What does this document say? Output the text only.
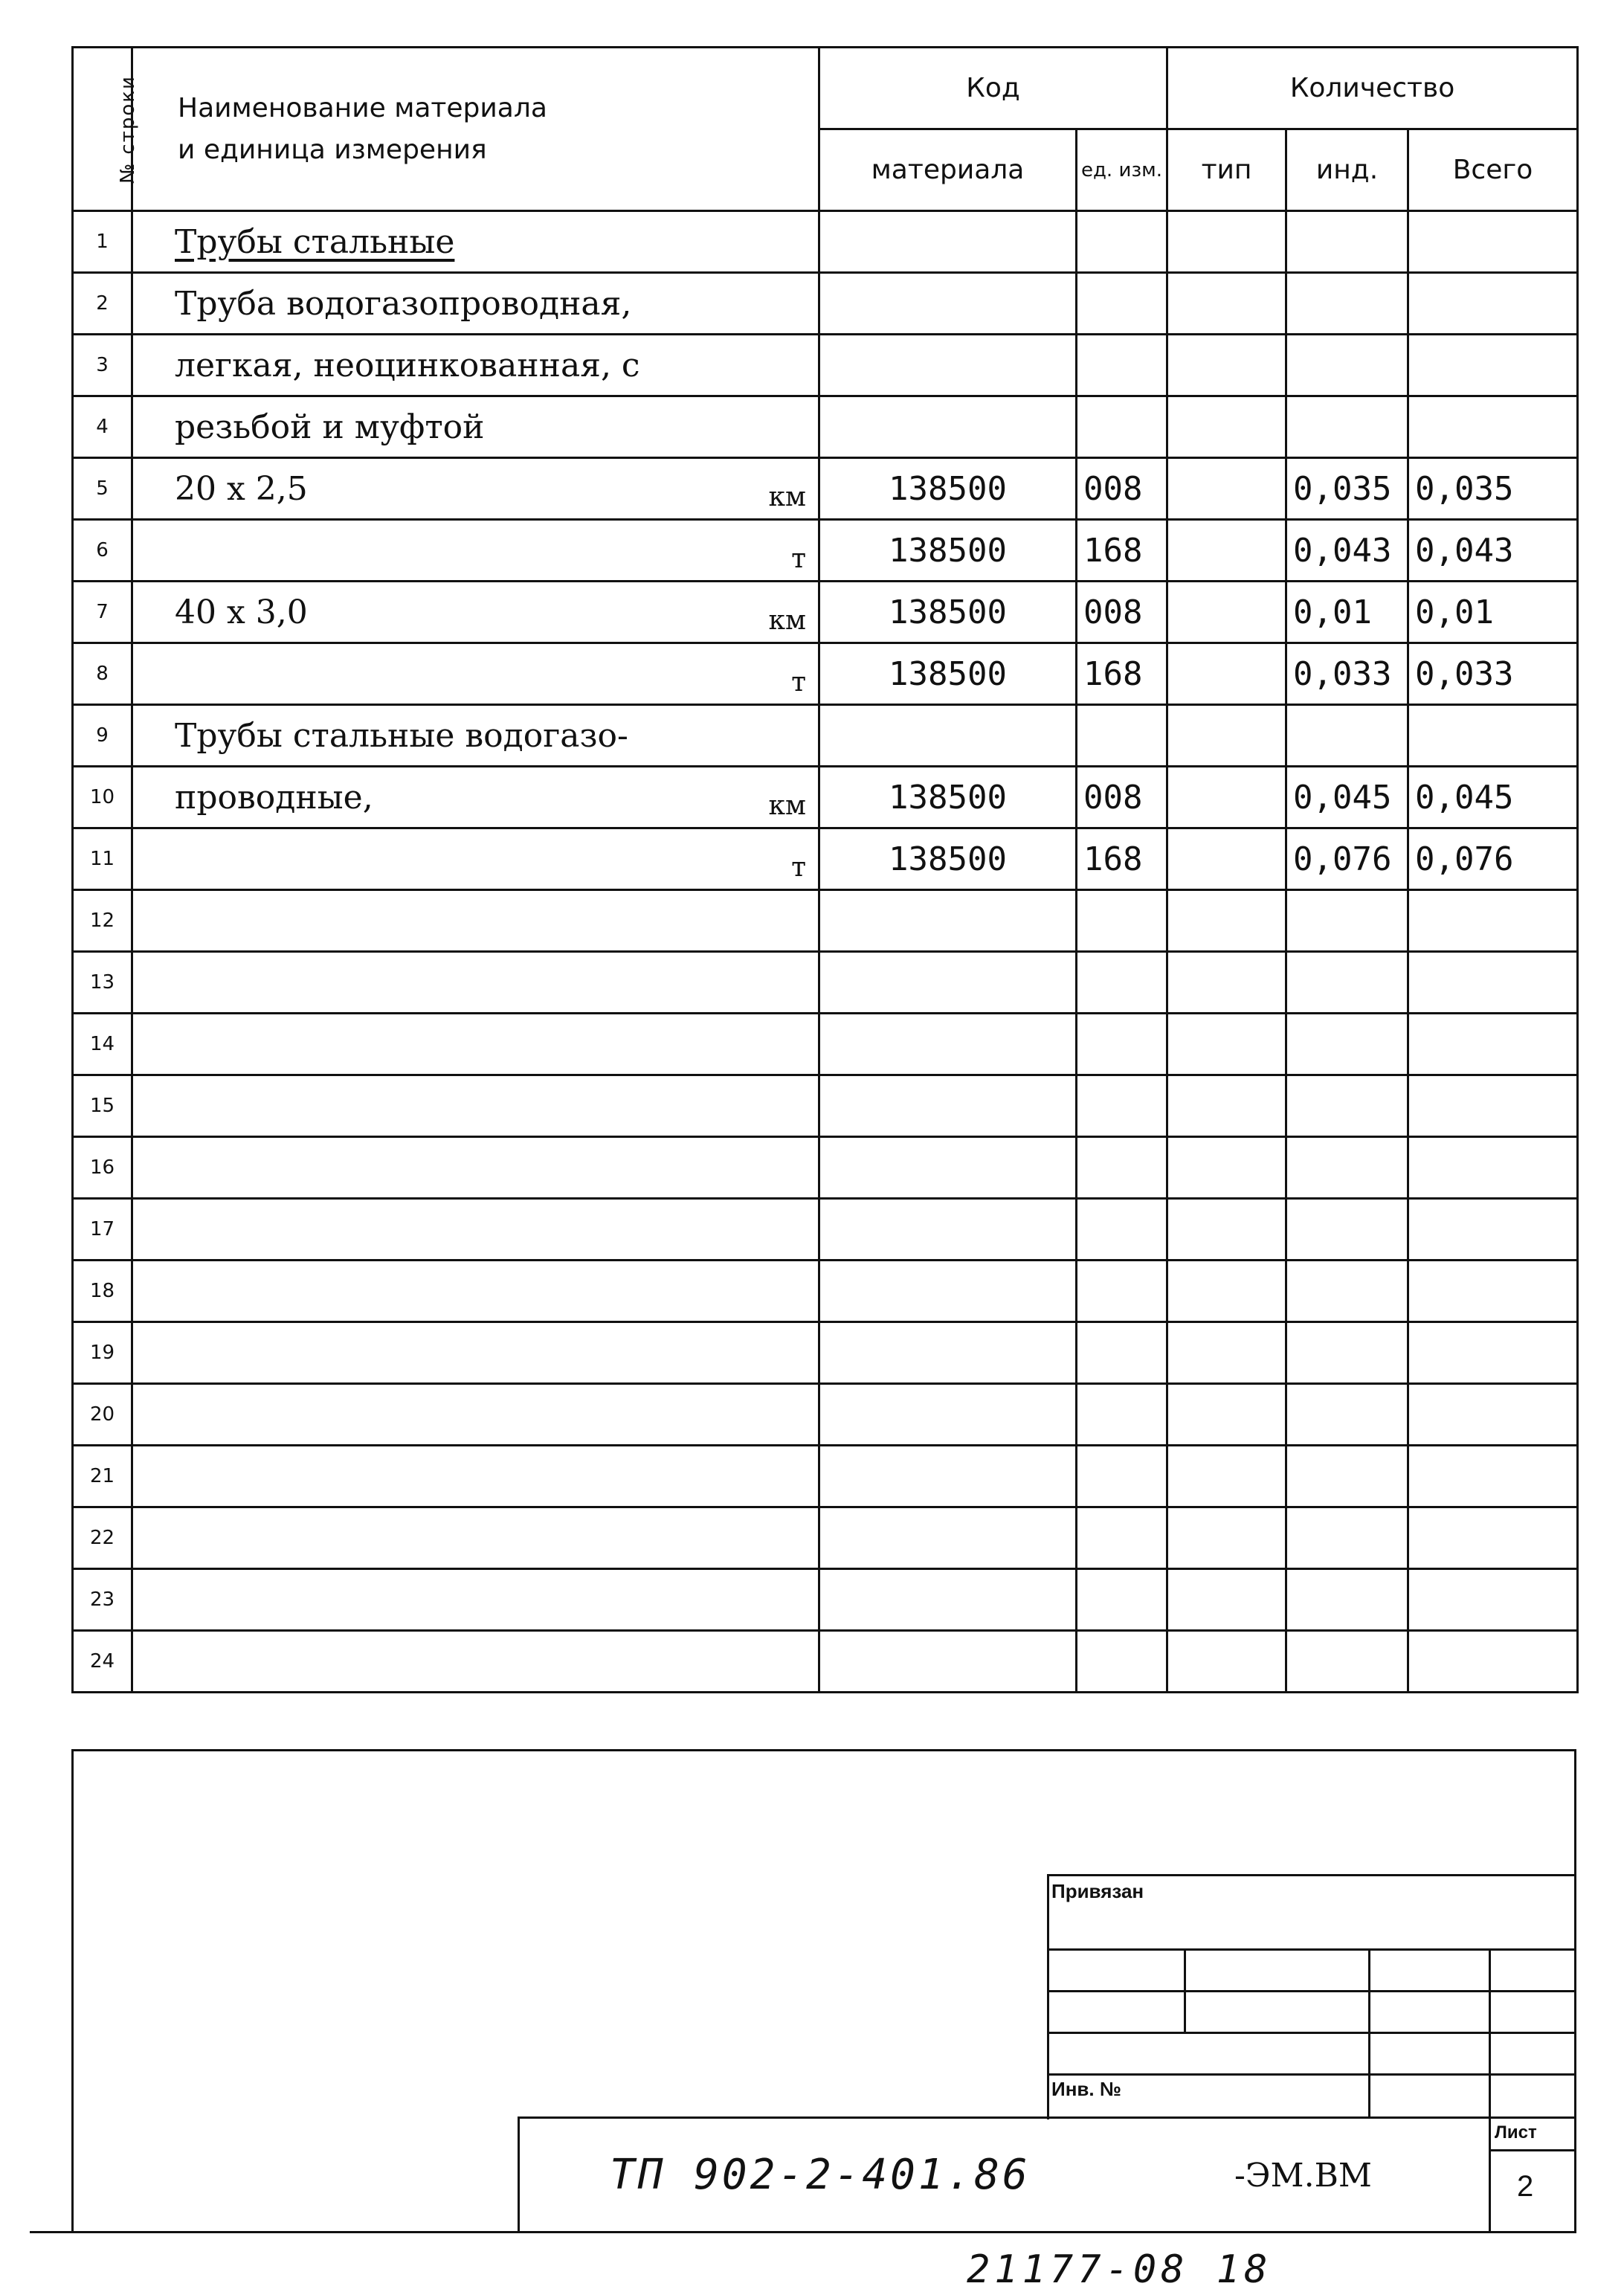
№ строки	Наименование материала
и единица измерения	Код		Количество		
		материала	ед. изм.	тип	инд.	Всего
1	Трубы стальные

2	Труба водогазопроводная,

3	легкая, неоцинкованная, с

4	резьбой и муфтой

5	20 х 2,5 км	138500	008		0,035	0,035
6	т	138500	168		0,043	0,043
7	40 х 3,0 км	138500	008		0,01	0,01
8	т	138500	168		0,033	0,033
9	Трубы стальные водогазо-

10	проводные, км	138500	008		0,045	0,045
11	т	138500	168		0,076	0,076
12	

13	

14	

15	

16	

17	

18	

19	

20	

21	

22	

23	

24	

Привязан
Инв. №
Лист
2
ТП 902-2-401.86	-ЭМ.ВМ
21177-08 18
